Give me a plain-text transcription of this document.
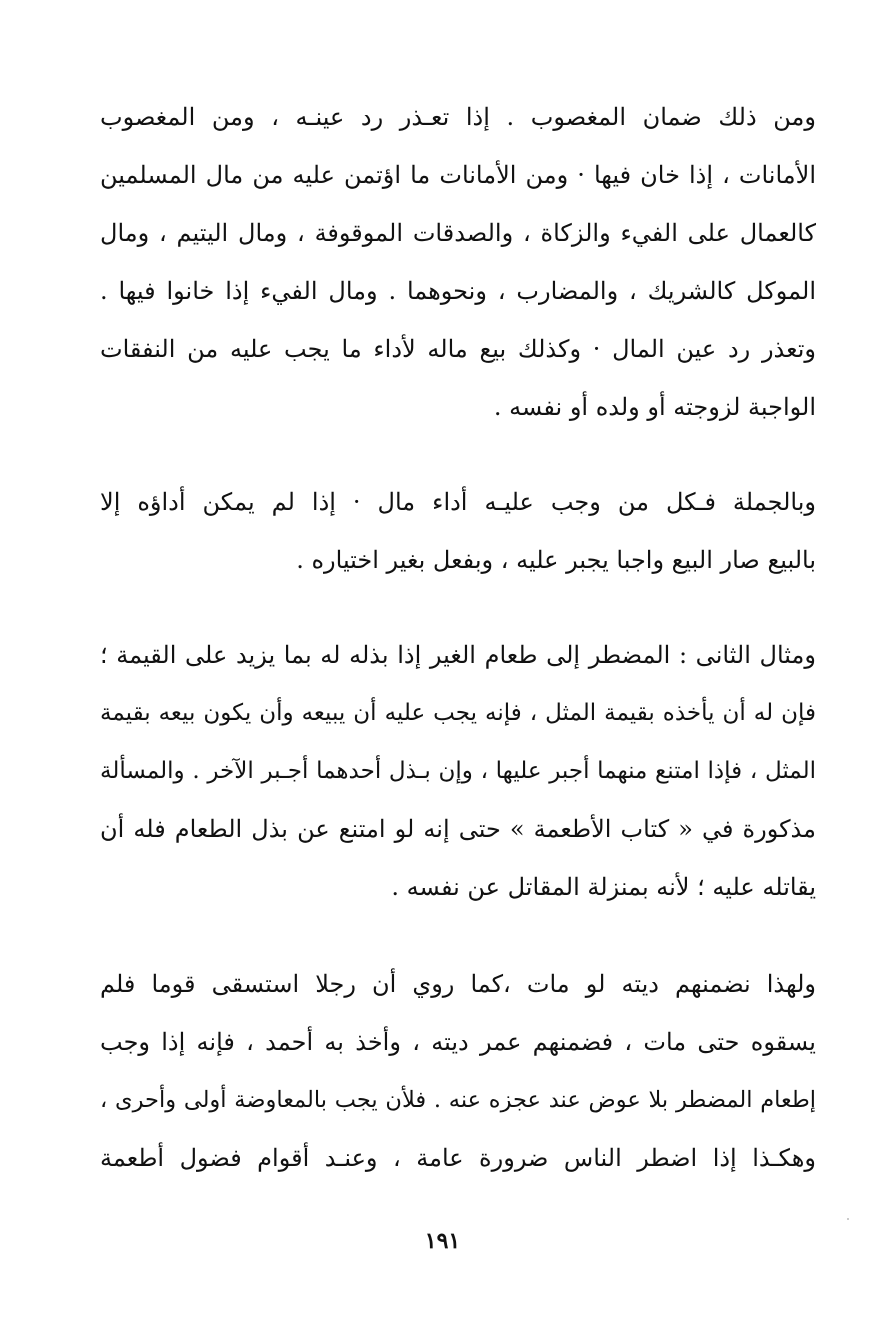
ومن ذلك ضمان المغصوب . إذا تعـذر رد عينـه ، ومن المغصوب
الأمانات ، إذا خان فيها · ومن الأمانات ما اؤتمن عليه من مال المسلمين
كالعمال على الفيء والزكاة ، والصدقات الموقوفة ، ومال اليتيم ، ومال
الموكل كالشريك ، والمضارب ، ونحوهما . ومال الفيء إذا خانوا فيها .
وتعذر رد عين المال · وكذلك بيع ماله لأداء ما يجب عليه من النفقات
الواجبة لزوجته أو ولده أو نفسه .
وبالجملة فـكل من وجب عليـه أداء مال · إذا لم يمكن أداؤه إلا
بالبيع صار البيع واجبا يجبر عليه ، وبفعل بغير اختياره .
ومثال الثانى : المضطر إلى طعام الغير إذا بذله له بما يزيد على القيمة ؛
فإن له أن يأخذه بقيمة المثل ، فإنه يجب عليه أن يبيعه وأن يكون بيعه بقيمة
المثل ، فإذا امتنع منهما أجبر عليها ، وإن بـذل أحدهما أجـبر الآخر . والمسألة
مذكورة في « كتاب الأطعمة » حتى إنه لو امتنع عن بذل الطعام فله أن
يقاتله عليه ؛ لأنه بمنزلة المقاتل عن نفسه .
ولهذا نضمنهم ديته لو مات ،كما روي أن رجلا استسقى قوما فلم
يسقوه حتى مات ، فضمنهم عمر ديته ، وأخذ به أحمد ، فإنه إذا وجب
إطعام المضطر بلا عوض عند عجزه عنه . فلأن يجب بالمعاوضة أولى وأحرى ،
وهكـذا إذا اضطر الناس ضرورة عامة ، وعنـد أقوام فضول أطعمة
١٩١
